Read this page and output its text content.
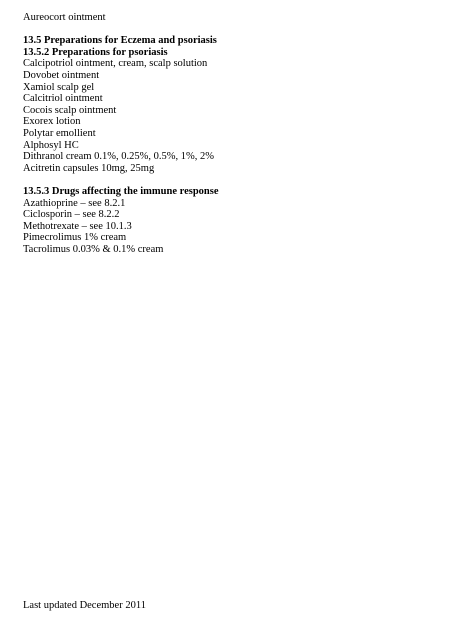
Aureocort ointment

13.5 Preparations for Eczema and psoriasis

13.5.2 Preparations for psoriasis

Calcipotriol ointment, cream, scalp solution

Dovobet ointment

Xamiol scalp gel

Calcitriol ointment

Cocois scalp ointment

Exorex lotion

Polytar emollient

Alphosyl HC

Dithranol cream 0.1%, 0.25%, 0.5%, 1%, 2%

Acitretin capsules 10mg, 25mg

13.5.3 Drugs affecting the immune response

Azathioprine – see 8.2.1

Ciclosporin – see 8.2.2

Methotrexate – see 10.1.3

Pimecrolimus 1% cream

Tacrolimus 0.03% & 0.1% cream

Last updated December 2011
